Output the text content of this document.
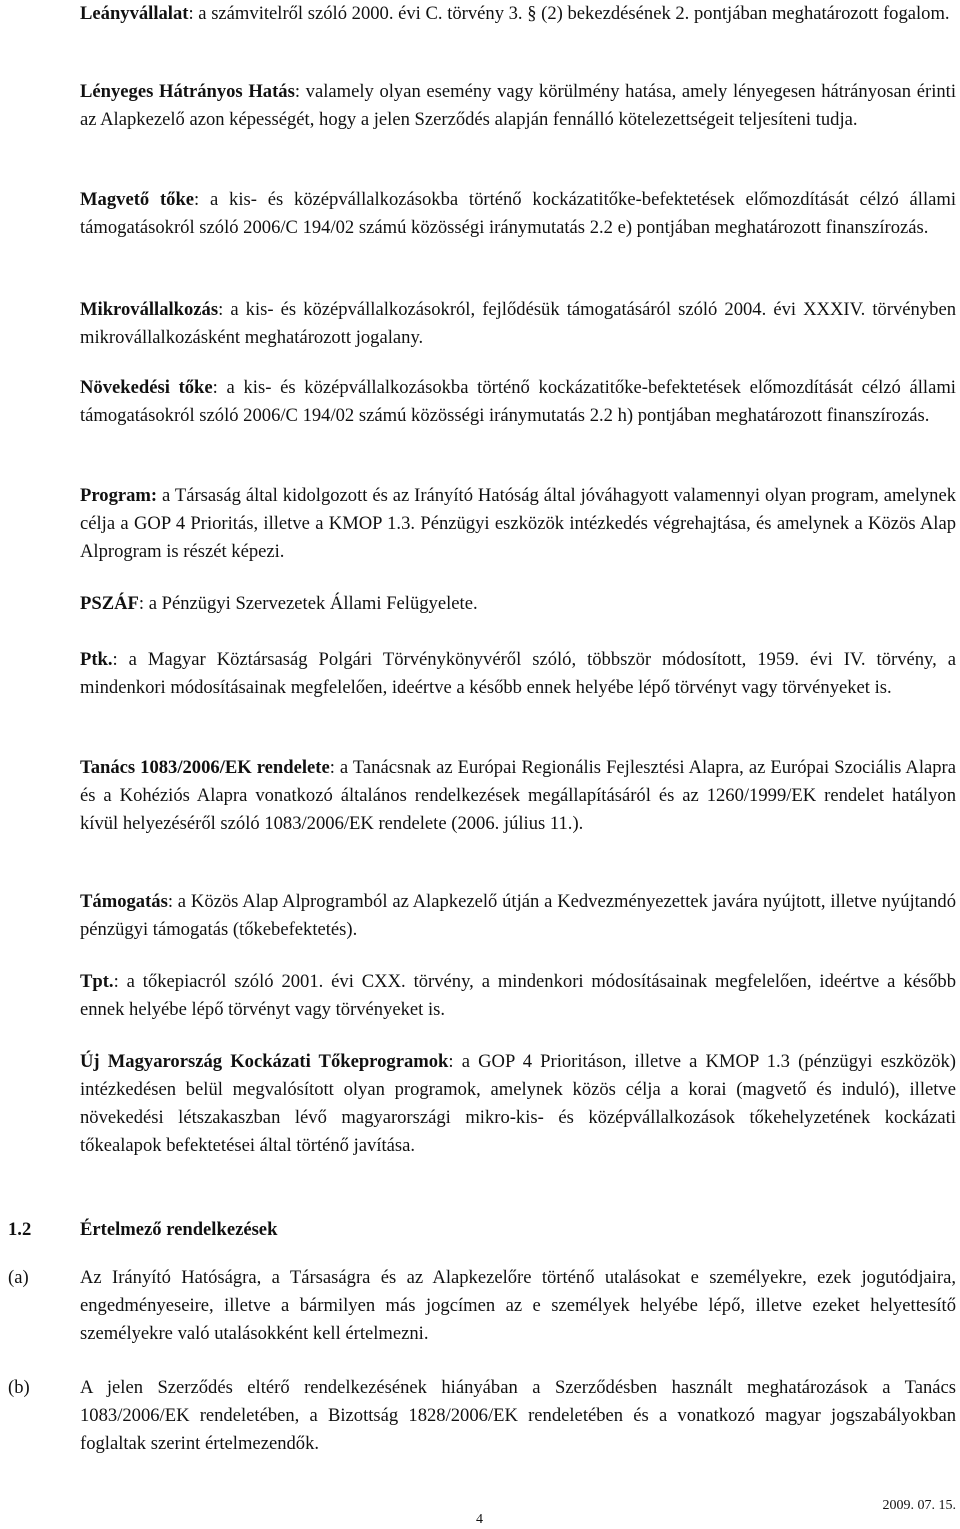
Leányvállalat: a számvitelről szóló 2000. évi C. törvény 3. § (2) bekezdésének 2. pontjában meghatározott fogalom.

Lényeges Hátrányos Hatás: valamely olyan esemény vagy körülmény hatása, amely lényegesen hátrányosan érinti az Alapkezelő azon képességét, hogy a jelen Szerződés alapján fennálló kötelezettségeit teljesíteni tudja.

Magvető tőke: a kis- és középvállalkozásokba történő kockázatitőke-befektetések előmozdítását célzó állami támogatásokról szóló 2006/C 194/02 számú közösségi iránymutatás 2.2 e) pontjában meghatározott finanszírozás.

Mikrovállalkozás: a kis- és középvállalkozásokról, fejlődésük támogatásáról szóló 2004. évi XXXIV. törvényben mikrovállalkozásként meghatározott jogalany.

Növekedési tőke: a kis- és középvállalkozásokba történő kockázatitőke-befektetések előmozdítását célzó állami támogatásokról szóló 2006/C 194/02 számú közösségi iránymutatás 2.2 h) pontjában meghatározott finanszírozás.

Program: a Társaság által kidolgozott és az Irányító Hatóság által jóváhagyott valamennyi olyan program, amelynek célja a GOP 4 Prioritás, illetve a KMOP 1.3. Pénzügyi eszközök intézkedés végrehajtása, és amelynek a Közös Alap Alprogram is részét képezi.

PSZÁF: a Pénzügyi Szervezetek Állami Felügyelete.

Ptk.: a Magyar Köztársaság Polgári Törvénykönyvéről szóló, többször módosított, 1959. évi IV. törvény, a mindenkori módosításainak megfelelően, ideértve a később ennek helyébe lépő törvényt vagy törvényeket is.

Tanács 1083/2006/EK rendelete: a Tanácsnak az Európai Regionális Fejlesztési Alapra, az Európai Szociális Alapra és a Kohéziós Alapra vonatkozó általános rendelkezések megállapításáról és az 1260/1999/EK rendelet hatályon kívül helyezéséről szóló 1083/2006/EK rendelete (2006. július 11.).

Támogatás: a Közös Alap Alprogramból az Alapkezelő útján a Kedvezményezettek javára nyújtott, illetve nyújtandó pénzügyi támogatás (tőkebefektetés).

Tpt.: a tőkepiacról szóló 2001. évi CXX. törvény, a mindenkori módosításainak megfelelően, ideértve a később ennek helyébe lépő törvényt vagy törvényeket is.

Új Magyarország Kockázati Tőkeprogramok: a GOP 4 Prioritáson, illetve a KMOP 1.3 (pénzügyi eszközök) intézkedésen belül megvalósított olyan programok, amelynek közös célja a korai (magvető és induló), illetve növekedési létszakaszban lévő magyarországi mikro-kis- és középvállalkozások tőkehelyzetének kockázati tőkealapok befektetései által történő javítása.

1.2	Értelmező rendelkezések

(a)	Az Irányító Hatóságra, a Társaságra és az Alapkezelőre történő utalásokat e személyekre, ezek jogutódjaira, engedményeseire, illetve a bármilyen más jogcímen az e személyek helyébe lépő, illetve ezeket helyettesítő személyekre való utalásokként kell értelmezni.
(b)	A jelen Szerződés eltérő rendelkezésének hiányában a Szerződésben használt meghatározások a Tanács 1083/2006/EK rendeletében, a Bizottság 1828/2006/EK rendeletében és a vonatkozó magyar jogszabályokban foglaltak szerint értelmezendők.
2009. 07. 15.
4
